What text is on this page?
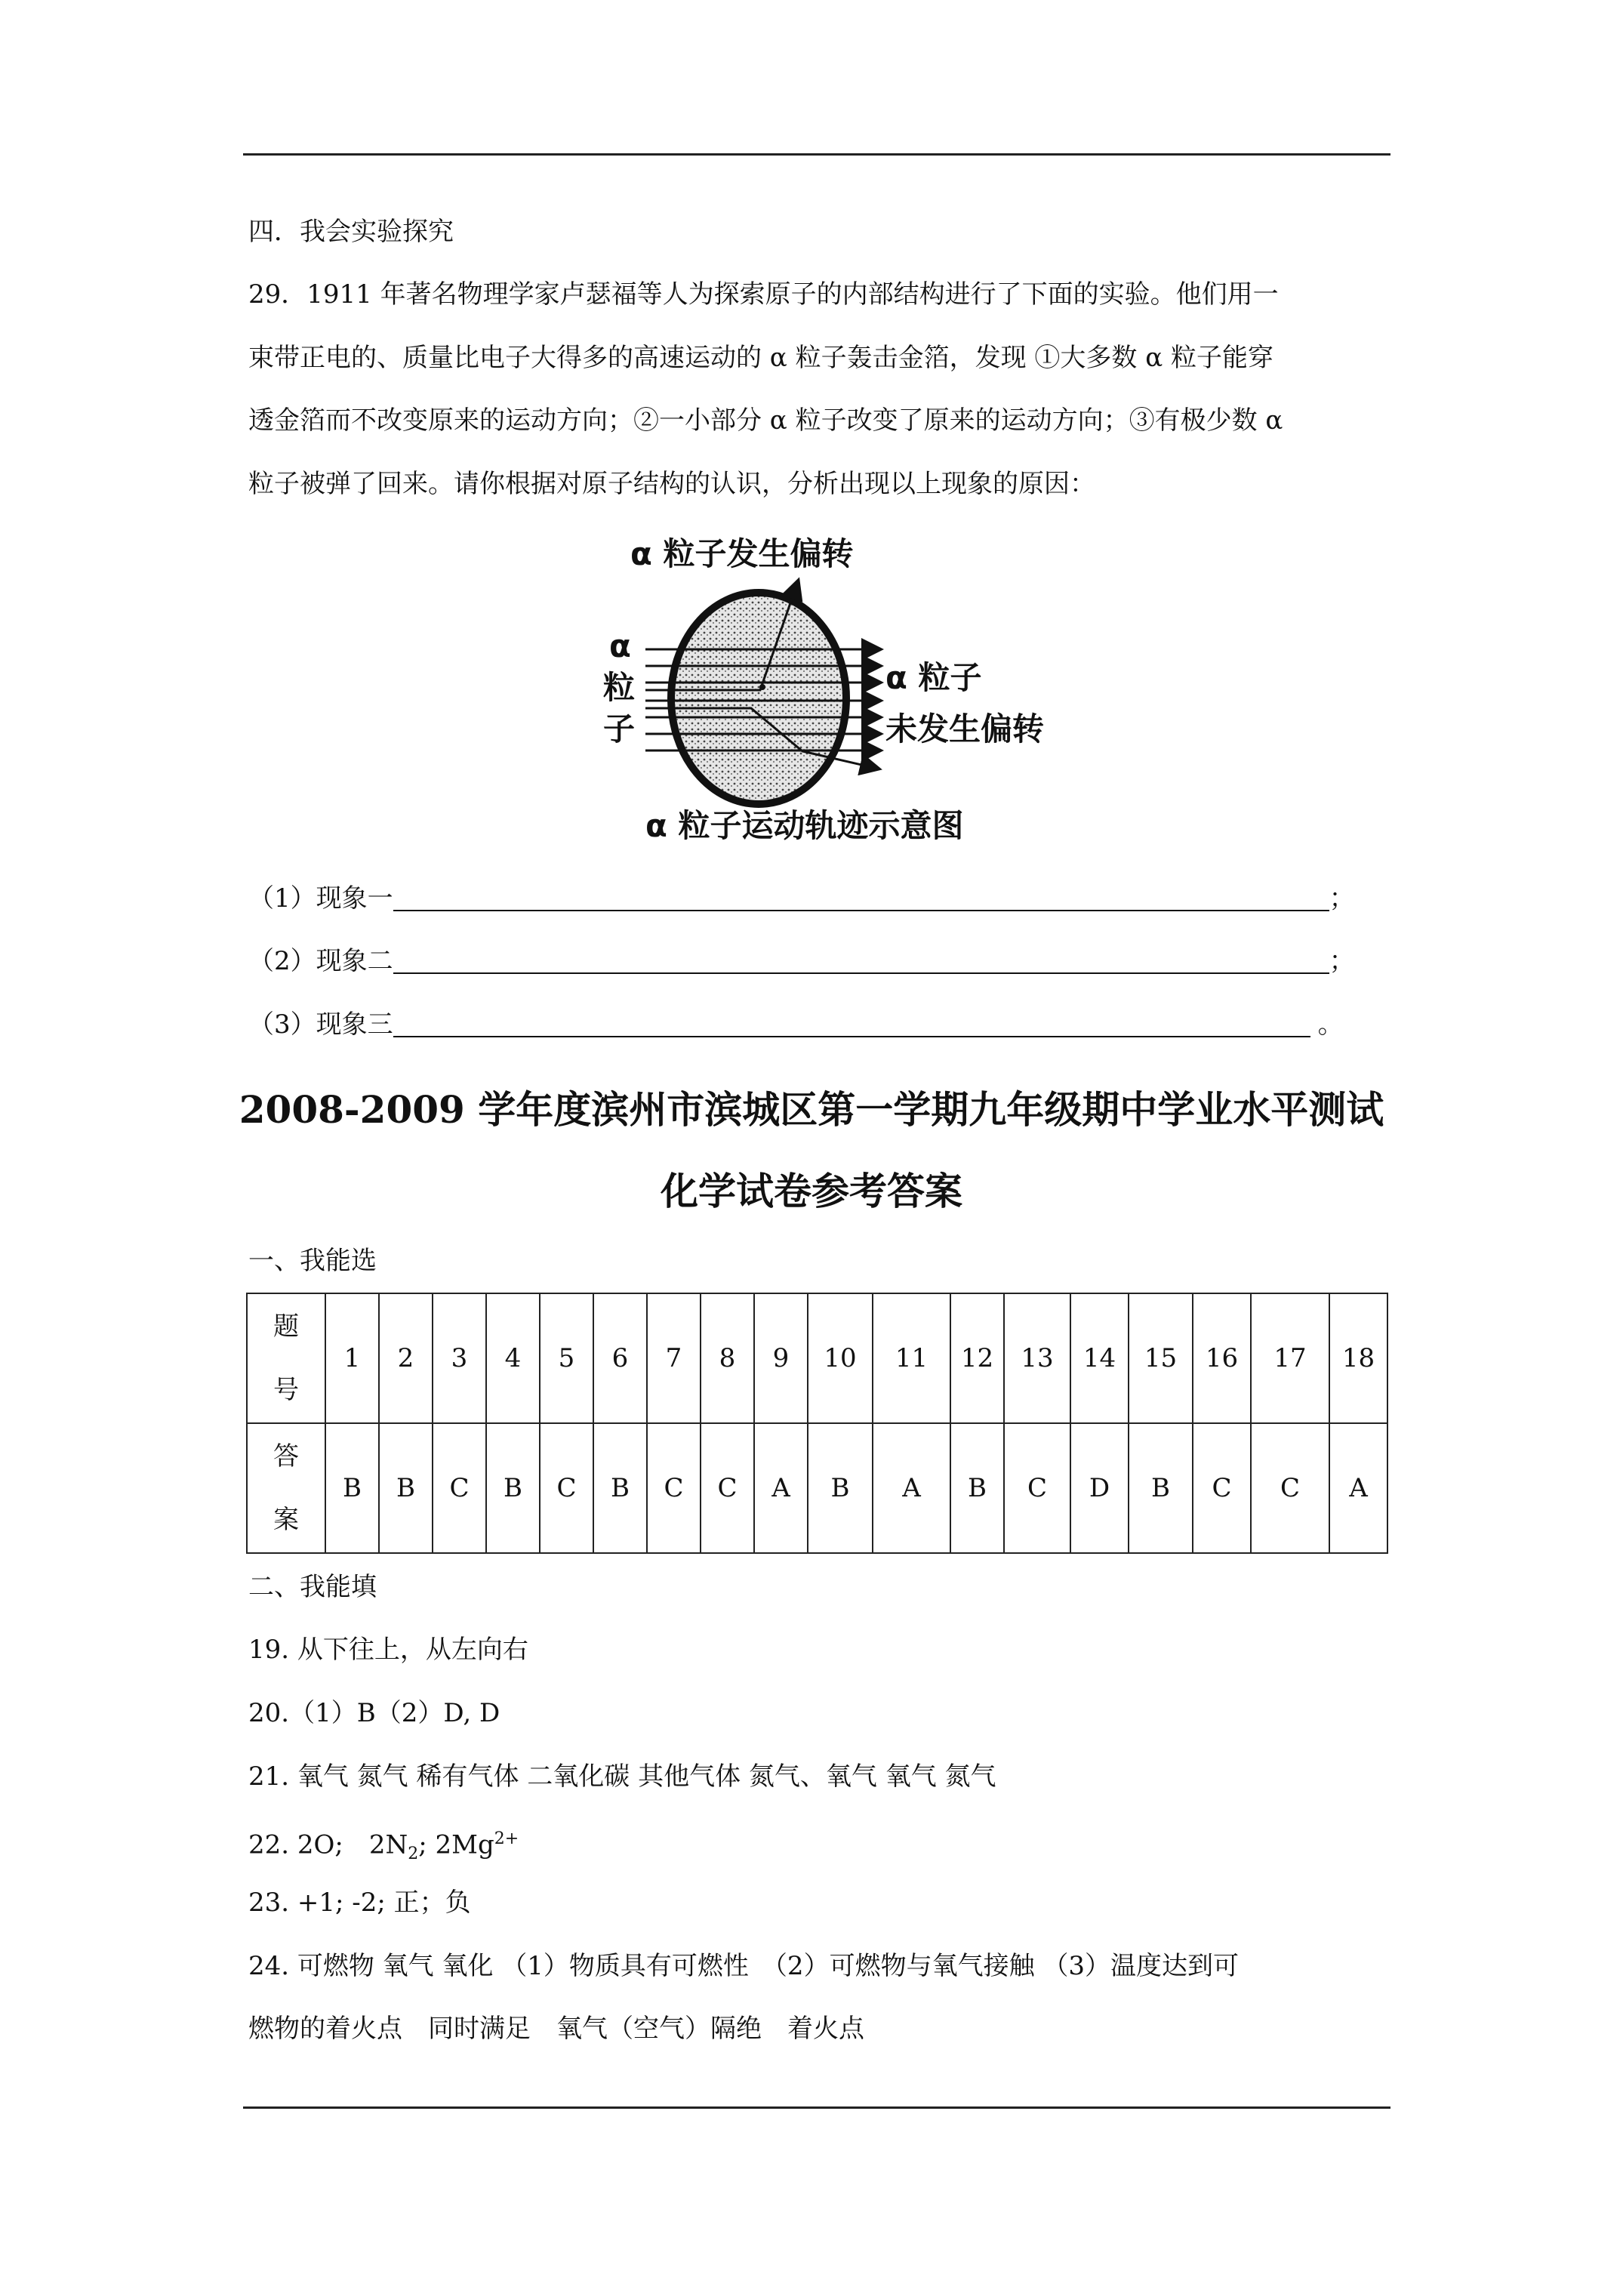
四．我会实验探究
29．1911 年著名物理学家卢瑟福等人为探索原子的内部结构进行了下面的实验。他们用一
束带正电的、质量比电子大得多的高速运动的 α 粒子轰击金箔，发现 ①大多数 α 粒子能穿
透金箔而不改变原来的运动方向；②一小部分 α 粒子改变了原来的运动方向；③有极少数 α
粒子被弹了回来。请你根据对原子结构的认识，分析出现以上现象的原因：
α 粒子发生偏转
α
粒
子
α 粒子
未发生偏转
α 粒子运动轨迹示意图
（1）现象一	；
（2）现象二	；
（3）现象三	。
2008-2009 学年度滨州市滨城区第一学期九年级期中学业水平测试
化学试卷参考答案
一、我能选
题
号	1	2	3	4	5	6	7	8	9	10	11	12	13	14	15	16	17	18

答
案	B	B	C	B	C	B	C	C	A	B	A	B	C	D	B	C	C	A
二、我能填
19. 从下往上，从左向右
20.（1）B（2）D, D
21. 氧气 氮气 稀有气体 二氧化碳 其他气体 氮气、氧气 氧气 氮气
22. 2O;　$2N_2$; $2Mg^{2+}$
23. +1; -2; 正；负
24. 可燃物 氧气 氧化 （1）物质具有可燃性　（2）可燃物与氧气接触 （3）温度达到可
燃物的着火点　同时满足　氧气（空气）隔绝　着火点
